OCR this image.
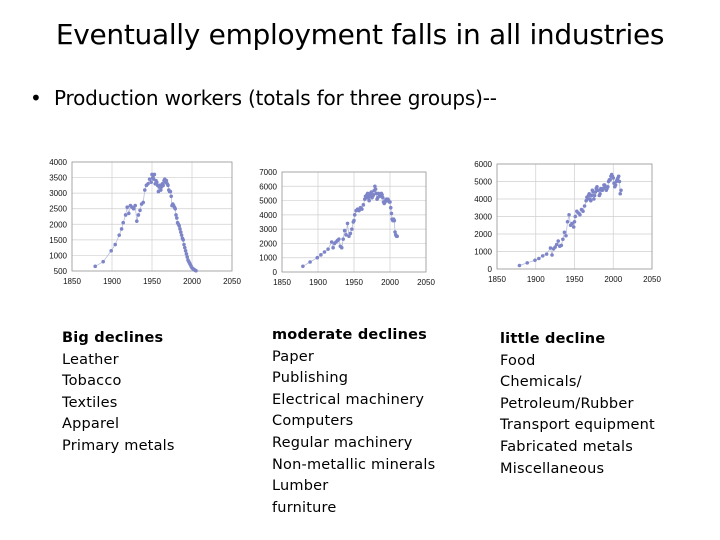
Eventually employment falls in all industries
• Production workers (totals for three groups)--
1850	1900	1950	2000	2050
500
1000
1500
2000
2500
3000
3500
4000
1850 1900 1950 2000 2050
0
1000
2000
3000
4000
5000
6000
7000
1850	1900	1950	2000	2050
0
1000
2000
3000
4000
5000
6000
Big declines
Leather
Tobacco
Textiles
Apparel
Primary metals
moderate declines
Paper
Publishing
Electrical machinery
Computers
Regular machinery
Non-metallic minerals
Lumber
furniture
little decline
Food
Chemicals/
Petroleum/Rubber
Transport equipment
Fabricated metals
Miscellaneous
